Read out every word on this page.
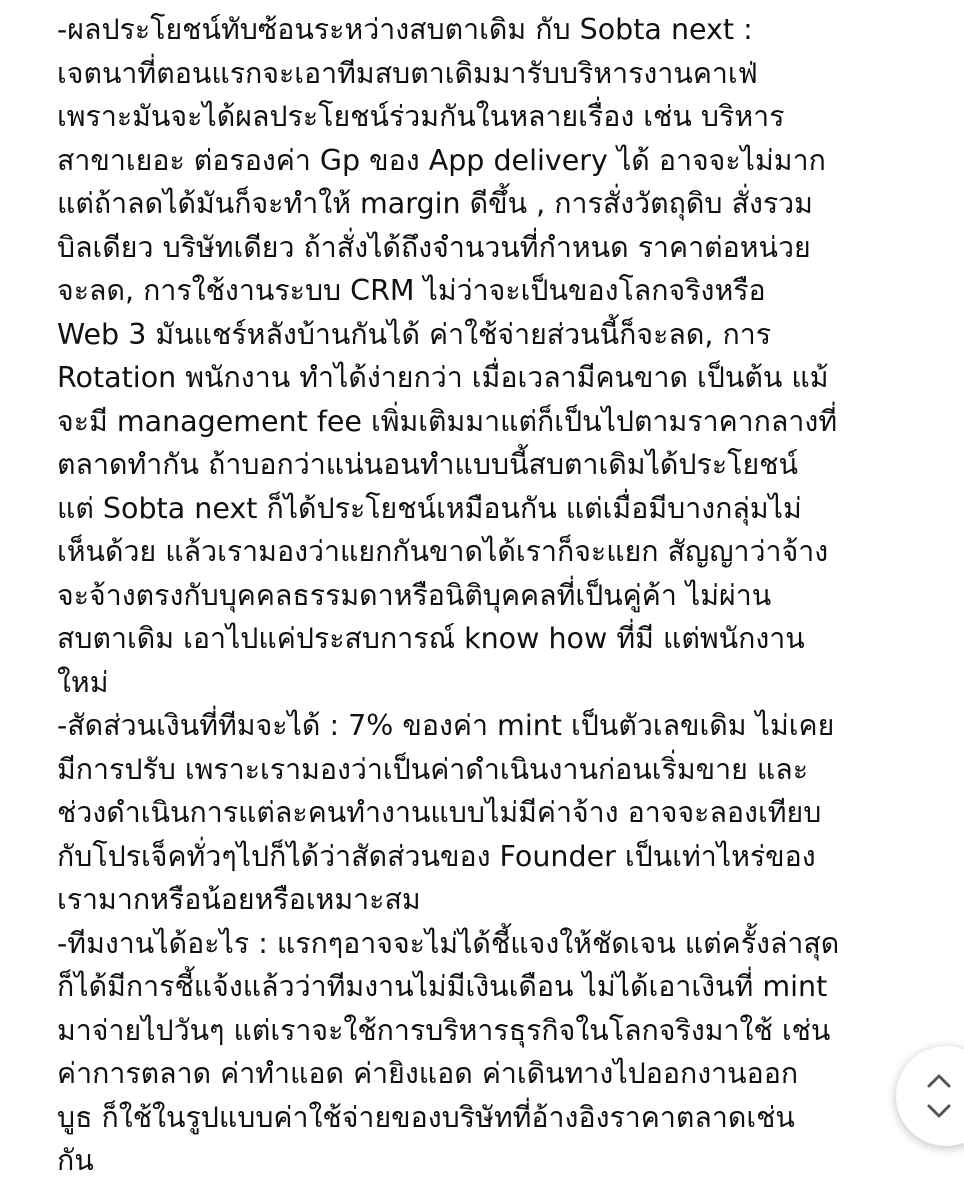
-ผลประโยชน์ทับซ้อนระหว่างสบตาเดิม กับ Sobta next :
เจตนาที่ตอนแรกจะเอาทีมสบตาเดิมมารับบริหารงานคาเฟ่
เพราะมันจะได้ผลประโยชน์ร่วมกันในหลายเรื่อง เช่น บริหาร
สาขาเยอะ ต่อรองค่า Gp ของ App delivery ได้ อาจจะไม่มาก
แต่ถ้าลดได้มันก็จะทำให้ margin ดีขึ้น , การสั่งวัตถุดิบ สั่งรวม
บิลเดียว บริษัทเดียว ถ้าสั่งได้ถึงจำนวนที่กำหนด ราคาต่อหน่วย
จะลด, การใช้งานระบบ CRM ไม่ว่าจะเป็นของโลกจริงหรือ
Web 3 มันแชร์หลังบ้านกันได้ ค่าใช้จ่ายส่วนนี้ก็จะลด, การ
Rotation พนักงาน ทำได้ง่ายกว่า เมื่อเวลามีคนขาด เป็นต้น แม้
จะมี management fee เพิ่มเติมมาแต่ก็เป็นไปตามราคากลางที่
ตลาดทำกัน ถ้าบอกว่าแน่นอนทำแบบนี้สบตาเดิมได้ประโยชน์
แต่ Sobta next ก็ได้ประโยชน์เหมือนกัน แต่เมื่อมีบางกลุ่มไม่
เห็นด้วย แล้วเรามองว่าแยกกันขาดได้เราก็จะแยก สัญญาว่าจ้าง
จะจ้างตรงกับบุคคลธรรมดาหรือนิติบุคคลที่เป็นคู่ค้า ไม่ผ่าน
สบตาเดิม เอาไปแค่ประสบการณ์ know how ที่มี แต่พนักงาน
ใหม่
-สัดส่วนเงินที่ทีมจะได้ : 7% ของค่า mint เป็นตัวเลขเดิม ไม่เคย
มีการปรับ เพราะเรามองว่าเป็นค่าดำเนินงานก่อนเริ่มขาย และ
ช่วงดำเนินการแต่ละคนทำงานแบบไม่มีค่าจ้าง อาจจะลองเทียบ
กับโปรเจ็คทั่วๆไปก็ได้ว่าสัดส่วนของ Founder เป็นเท่าไหร่ของ
เรามากหรือน้อยหรือเหมาะสม
-ทีมงานได้อะไร : แรกๆอาจจะไม่ได้ชี้แจงให้ชัดเจน แต่ครั้งล่าสุด
ก็ได้มีการชี้แจ้งแล้วว่าทีมงานไม่มีเงินเดือน ไม่ได้เอาเงินที่ mint
มาจ่ายไปวันๆ แต่เราจะใช้การบริหารธุรกิจในโลกจริงมาใช้ เช่น
ค่าการตลาด ค่าทำแอด ค่ายิงแอด ค่าเดินทางไปออกงานออก
บูธ ก็ใช้ในรูปแบบค่าใช้จ่ายของบริษัทที่อ้างอิงราคาตลาดเช่น
กัน
